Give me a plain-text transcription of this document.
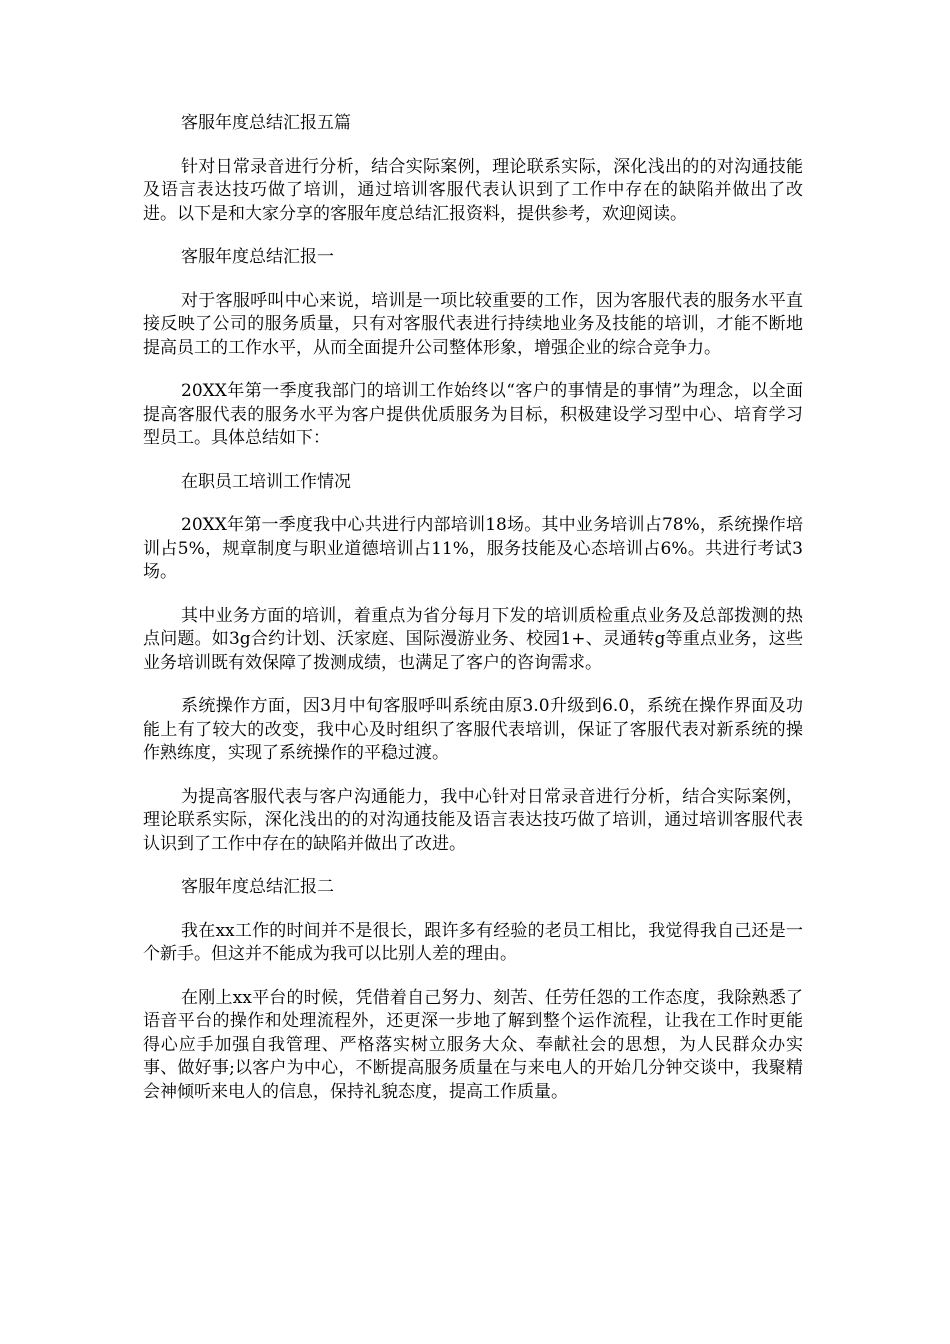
客服年度总结汇报五篇

针对日常录音进行分析，结合实际案例，理论联系实际，深化浅出的的对沟通技能及语言表达技巧做了培训，通过培训客服代表认识到了工作中存在的缺陷并做出了改进。以下是和大家分享的客服年度总结汇报资料，提供参考，欢迎阅读。

客服年度总结汇报一

对于客服呼叫中心来说，培训是一项比较重要的工作，因为客服代表的服务水平直接反映了公司的服务质量，只有对客服代表进行持续地业务及技能的培训，才能不断地提高员工的工作水平，从而全面提升公司整体形象，增强企业的综合竞争力。

20XX年第一季度我部门的培训工作始终以“客户的事情是的事情”为理念，以全面提高客服代表的服务水平为客户提供优质服务为目标，积极建设学习型中心、培育学习型员工。具体总结如下：

在职员工培训工作情况

20XX年第一季度我中心共进行内部培训18场。其中业务培训占78%，系统操作培训占5%，规章制度与职业道德培训占11%，服务技能及心态培训占6%。共进行考试3场。

其中业务方面的培训，着重点为省分每月下发的培训质检重点业务及总部拨测的热点问题。如3g合约计划、沃家庭、国际漫游业务、校园1+、灵通转g等重点业务，这些业务培训既有效保障了拨测成绩，也满足了客户的咨询需求。

系统操作方面，因3月中旬客服呼叫系统由原3.0升级到6.0，系统在操作界面及功能上有了较大的改变，我中心及时组织了客服代表培训，保证了客服代表对新系统的操作熟练度，实现了系统操作的平稳过渡。

为提高客服代表与客户沟通能力，我中心针对日常录音进行分析，结合实际案例，理论联系实际，深化浅出的的对沟通技能及语言表达技巧做了培训，通过培训客服代表认识到了工作中存在的缺陷并做出了改进。

客服年度总结汇报二

我在xx工作的时间并不是很长，跟许多有经验的老员工相比，我觉得我自己还是一个新手。但这并不能成为我可以比别人差的理由。

在刚上xx平台的时候，凭借着自己努力、刻苦、任劳任怨的工作态度，我除熟悉了语音平台的操作和处理流程外，还更深一步地了解到整个运作流程，让我在工作时更能得心应手加强自我管理、严格落实树立服务大众、奉献社会的思想，为人民群众办实事、做好事;以客户为中心，不断提高服务质量在与来电人的开始几分钟交谈中，我聚精会神倾听来电人的信息，保持礼貌态度，提高工作质量。
